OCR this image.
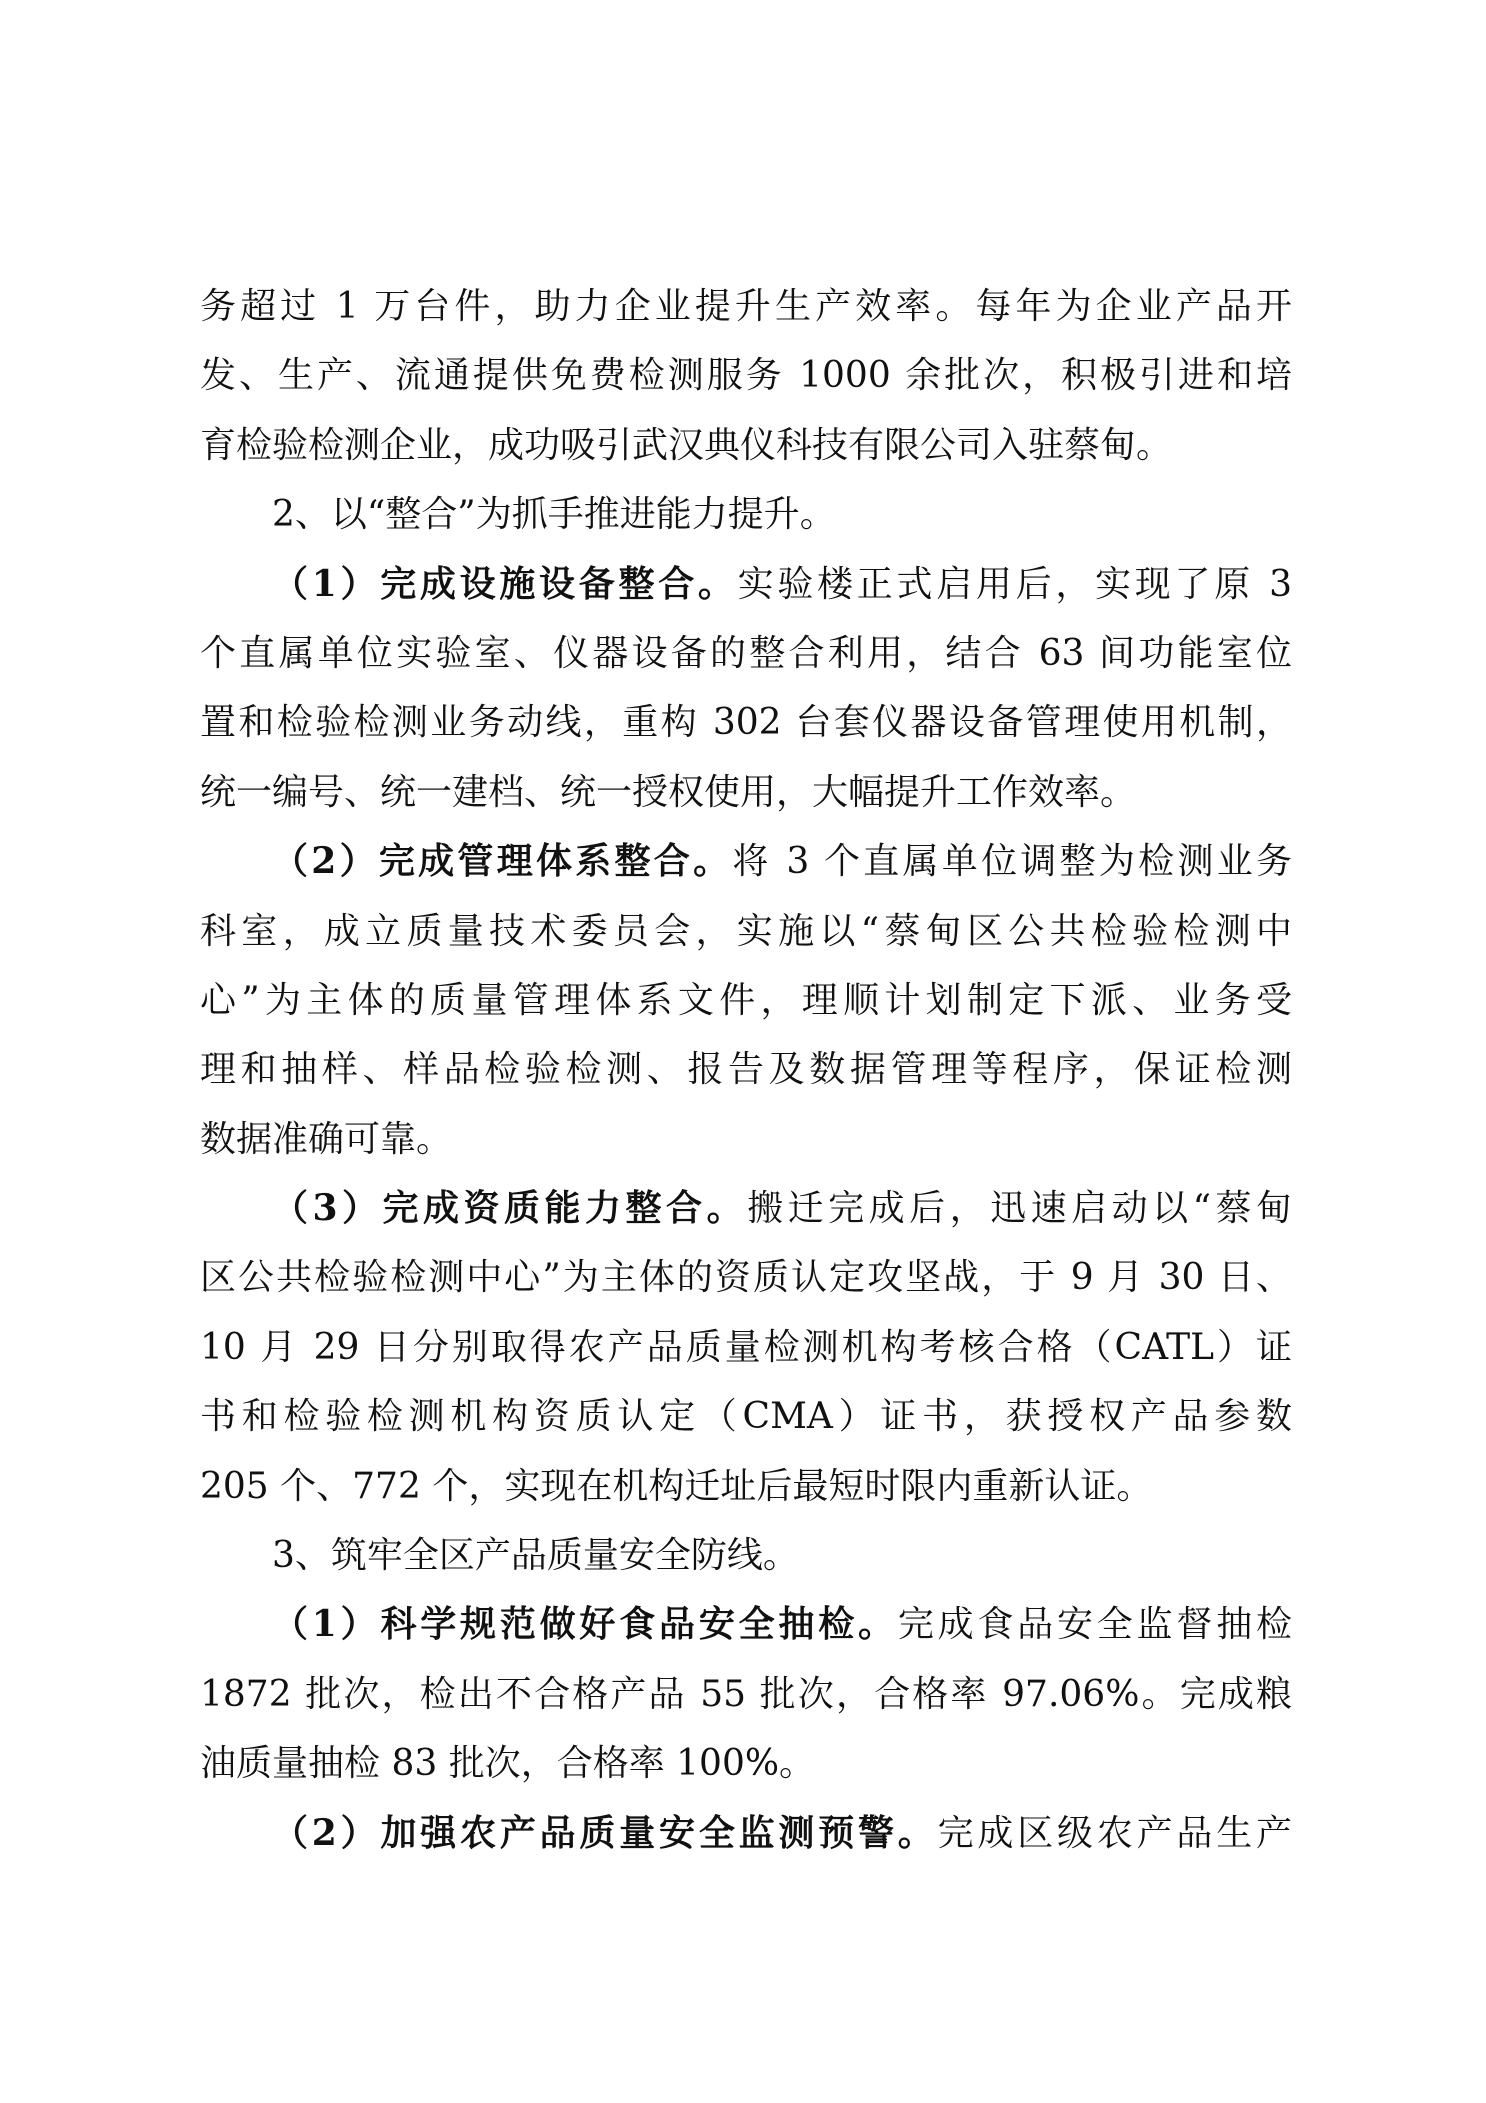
务超过 1 万台件，助力企业提升生产效率。每年为企业产品开
发、生产、流通提供免费检测服务 1000 余批次，积极引进和培
育检验检测企业，成功吸引武汉典仪科技有限公司入驻蔡甸。
2、以“整合”为抓手推进能力提升。
（1）完成设施设备整合。实验楼正式启用后，实现了原 3
个直属单位实验室、仪器设备的整合利用，结合 63 间功能室位
置和检验检测业务动线，重构 302 台套仪器设备管理使用机制，
统一编号、统一建档、统一授权使用，大幅提升工作效率。
（2）完成管理体系整合。将 3 个直属单位调整为检测业务
科室，成立质量技术委员会，实施以“蔡甸区公共检验检测中
心”为主体的质量管理体系文件，理顺计划制定下派、业务受
理和抽样、样品检验检测、报告及数据管理等程序，保证检测
数据准确可靠。
（3）完成资质能力整合。搬迁完成后，迅速启动以“蔡甸
区公共检验检测中心”为主体的资质认定攻坚战，于 9 月 30 日、
10 月 29 日分别取得农产品质量检测机构考核合格（CATL）证
书和检验检测机构资质认定（CMA）证书，获授权产品参数
205 个、772 个，实现在机构迁址后最短时限内重新认证。
3、筑牢全区产品质量安全防线。
（1）科学规范做好食品安全抽检。完成食品安全监督抽检
1872 批次，检出不合格产品 55 批次，合格率 97.06%。完成粮
油质量抽检 83 批次，合格率 100%。
（2）加强农产品质量安全监测预警。完成区级农产品生产
